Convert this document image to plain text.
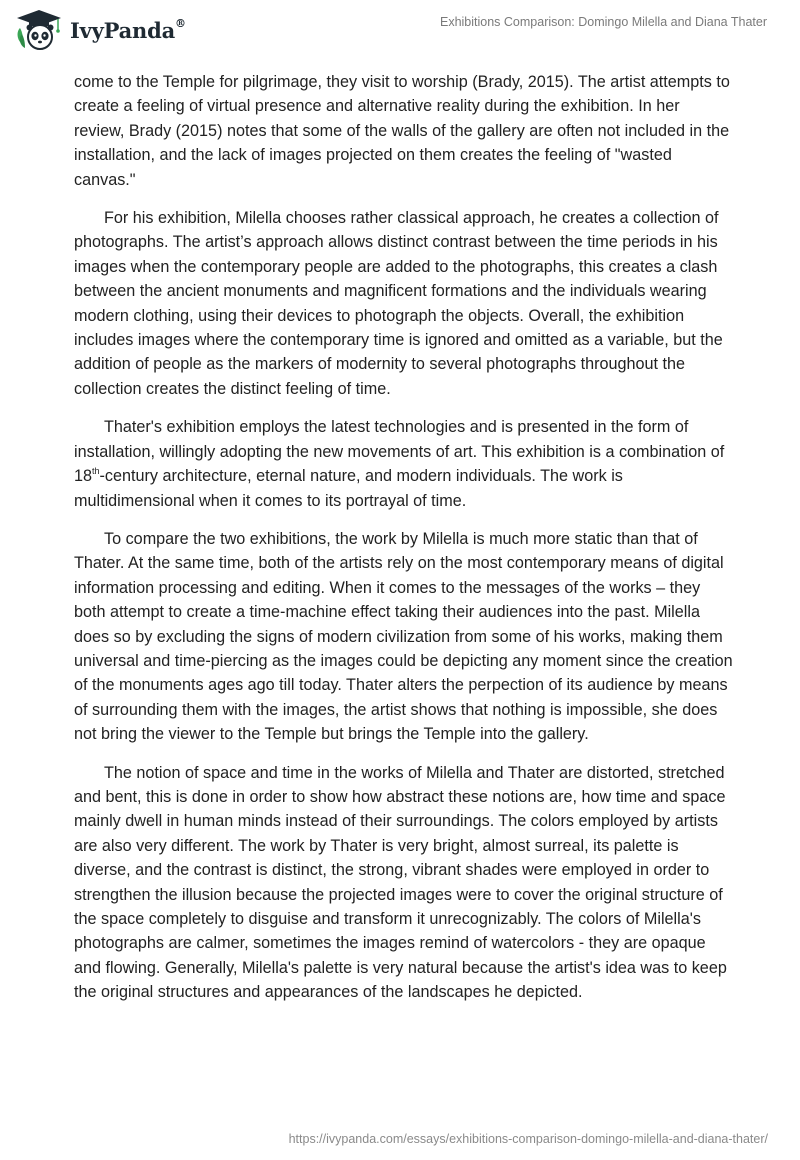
IvyPanda®	Exhibitions Comparison: Domingo Milella and Diana Thater

come to the Temple for pilgrimage, they visit to worship (Brady, 2015). The artist attempts to create a feeling of virtual presence and alternative reality during the exhibition. In her review, Brady (2015) notes that some of the walls of the gallery are often not included in the installation, and the lack of images projected on them creates the feeling of "wasted canvas."

For his exhibition, Milella chooses rather classical approach, he creates a collection of photographs. The artist’s approach allows distinct contrast between the time periods in his images when the contemporary people are added to the photographs, this creates a clash between the ancient monuments and magnificent formations and the individuals wearing modern clothing, using their devices to photograph the objects. Overall, the exhibition includes images where the contemporary time is ignored and omitted as a variable, but the addition of people as the markers of modernity to several photographs throughout the collection creates the distinct feeling of time.

Thater's exhibition employs the latest technologies and is presented in the form of installation, willingly adopting the new movements of art. This exhibition is a combination of 18th-century architecture, eternal nature, and modern individuals. The work is multidimensional when it comes to its portrayal of time.

To compare the two exhibitions, the work by Milella is much more static than that of Thater. At the same time, both of the artists rely on the most contemporary means of digital information processing and editing. When it comes to the messages of the works – they both attempt to create a time-machine effect taking their audiences into the past. Milella does so by excluding the signs of modern civilization from some of his works, making them universal and time-piercing as the images could be depicting any moment since the creation of the monuments ages ago till today. Thater alters the perpection of its audience by means of surrounding them with the images, the artist shows that nothing is impossible, she does not bring the viewer to the Temple but brings the Temple into the gallery.

The notion of space and time in the works of Milella and Thater are distorted, stretched and bent, this is done in order to show how abstract these notions are, how time and space mainly dwell in human minds instead of their surroundings. The colors employed by artists are also very different. The work by Thater is very bright, almost surreal, its palette is diverse, and the contrast is distinct, the strong, vibrant shades were employed in order to strengthen the illusion because the projected images were to cover the original structure of the space completely to disguise and transform it unrecognizably. The colors of Milella's photographs are calmer, sometimes the images remind of watercolors - they are opaque and flowing. Generally, Milella's palette is very natural because the artist's idea was to keep the original structures and appearances of the landscapes he depicted.

https://ivypanda.com/essays/exhibitions-comparison-domingo-milella-and-diana-thater/
